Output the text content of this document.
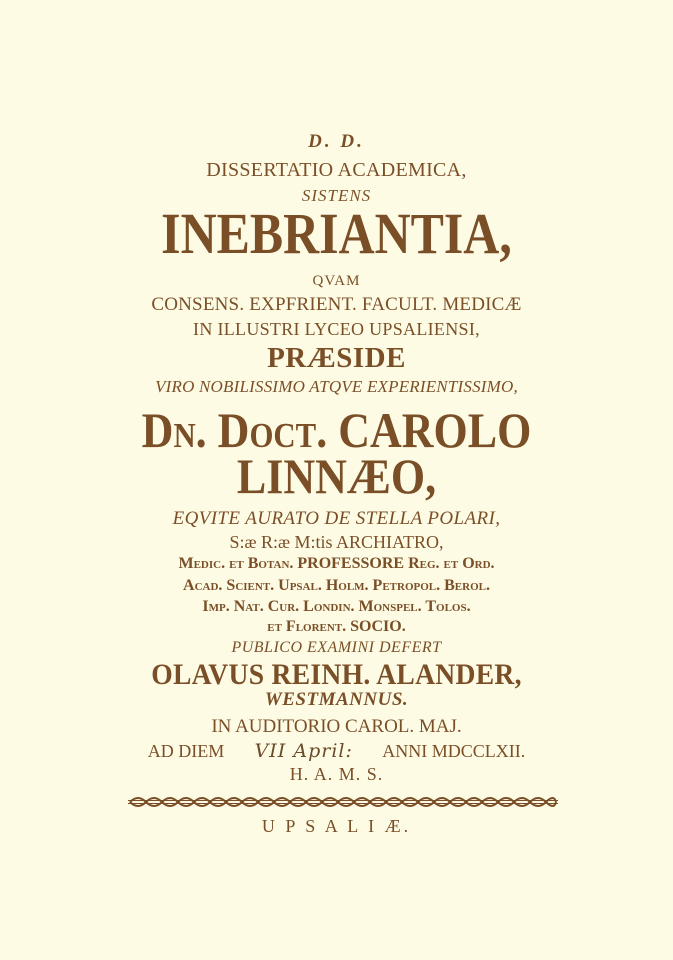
D. D.
DISSERTATIO ACADEMICA,
SISTENS
INEBRIANTIA,
QVAM
CONSENS. EXPFRIENT. FACULT. MEDICÆ
IN ILLUSTRI LYCEO UPSALIENSI,
PRÆSIDE
VIRO NOBILISSIMO ATQVE EXPERIENTISSIMO,
Dn. Doct. CAROLO
LINNÆO,
EQVITE AURATO DE STELLA POLARI,
S:æ R:æ M:tis ARCHIATRO,
Medic. et Botan. PROFESSORE Reg. et Ord.
Acad. Scient. Upsal. Holm. Petropol. Berol.
Imp. Nat. Cur. Londin. Monspel. Tolos.
et Florent. SOCIO.
PUBLICO EXAMINI DEFERT
OLAVUS REINH. ALANDER,
WESTMANNUS.
IN AUDITORIO CAROL. MAJ.
AD DIEM VII April: ANNI MDCCLXII.
H. A. M. S.
U P S A L I Æ.
